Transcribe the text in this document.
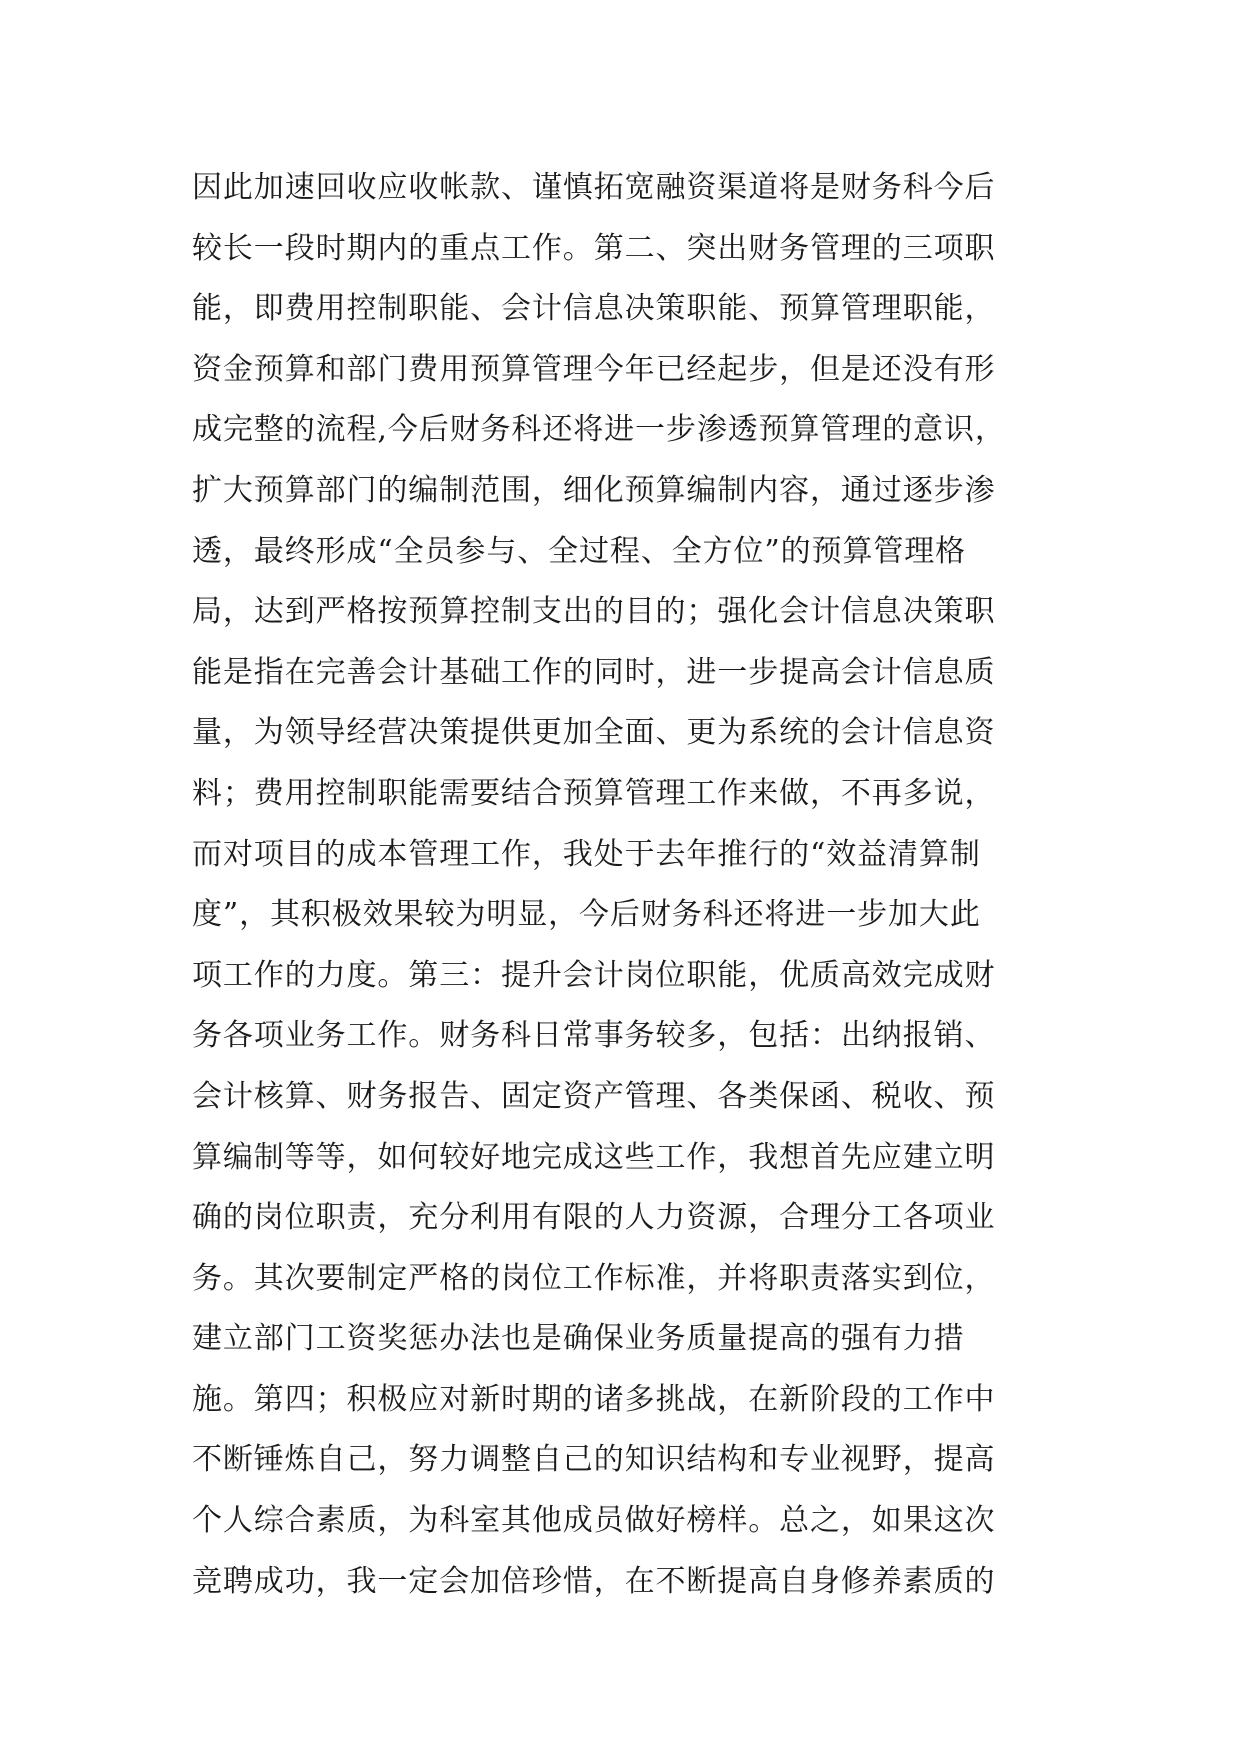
因此加速回收应收帐款、谨慎拓宽融资渠道将是财务科今后
较长一段时期内的重点工作。第二、突出财务管理的三项职
能，即费用控制职能、会计信息决策职能、预算管理职能，
资金预算和部门费用预算管理今年已经起步，但是还没有形
成完整的流程,今后财务科还将进一步渗透预算管理的意识，
扩大预算部门的编制范围，细化预算编制内容，通过逐步渗
透，最终形成“全员参与、全过程、全方位”的预算管理格
局，达到严格按预算控制支出的目的；强化会计信息决策职
能是指在完善会计基础工作的同时，进一步提高会计信息质
量，为领导经营决策提供更加全面、更为系统的会计信息资
料；费用控制职能需要结合预算管理工作来做，不再多说，
而对项目的成本管理工作，我处于去年推行的“效益清算制
度”，其积极效果较为明显，今后财务科还将进一步加大此
项工作的力度。第三：提升会计岗位职能，优质高效完成财
务各项业务工作。财务科日常事务较多，包括：出纳报销、
会计核算、财务报告、固定资产管理、各类保函、税收、预
算编制等等，如何较好地完成这些工作，我想首先应建立明
确的岗位职责，充分利用有限的人力资源，合理分工各项业
务。其次要制定严格的岗位工作标准，并将职责落实到位，
建立部门工资奖惩办法也是确保业务质量提高的强有力措
施。第四；积极应对新时期的诸多挑战，在新阶段的工作中
不断锤炼自己，努力调整自己的知识结构和专业视野，提高
个人综合素质，为科室其他成员做好榜样。总之，如果这次
竞聘成功，我一定会加倍珍惜，在不断提高自身修养素质的
